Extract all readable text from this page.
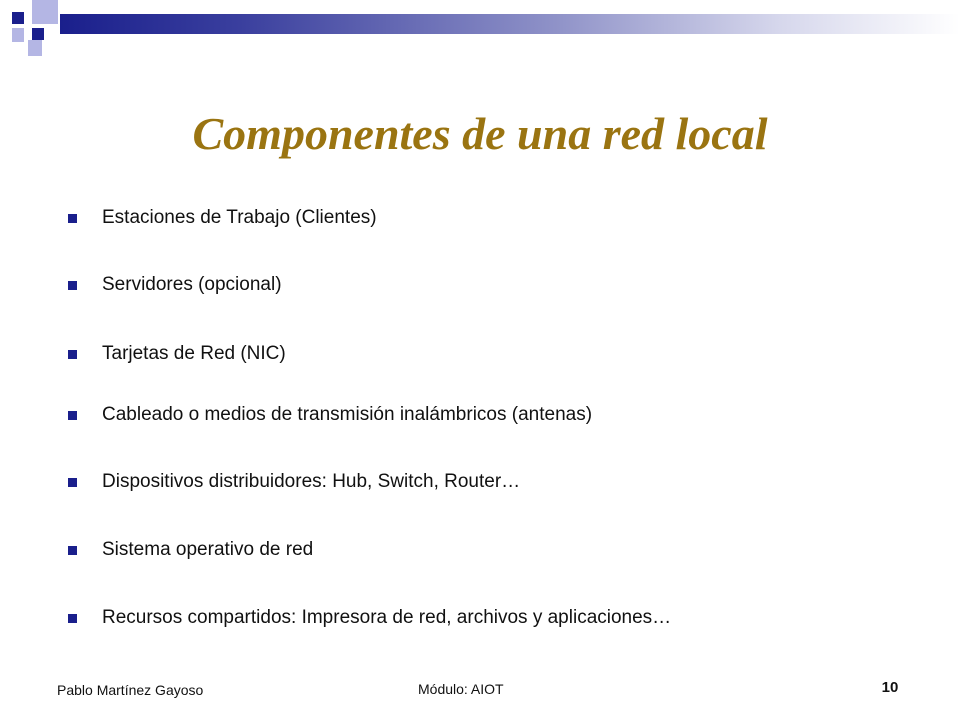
Componentes de una red local
Estaciones de Trabajo (Clientes)
Servidores (opcional)
Tarjetas de Red (NIC)
Cableado o medios de transmisión inalámbricos (antenas)
Dispositivos distribuidores: Hub, Switch, Router…
Sistema operativo de red
Recursos compartidos: Impresora de red, archivos y aplicaciones…
Pablo Martínez Gayoso	Módulo: AIOT	10
